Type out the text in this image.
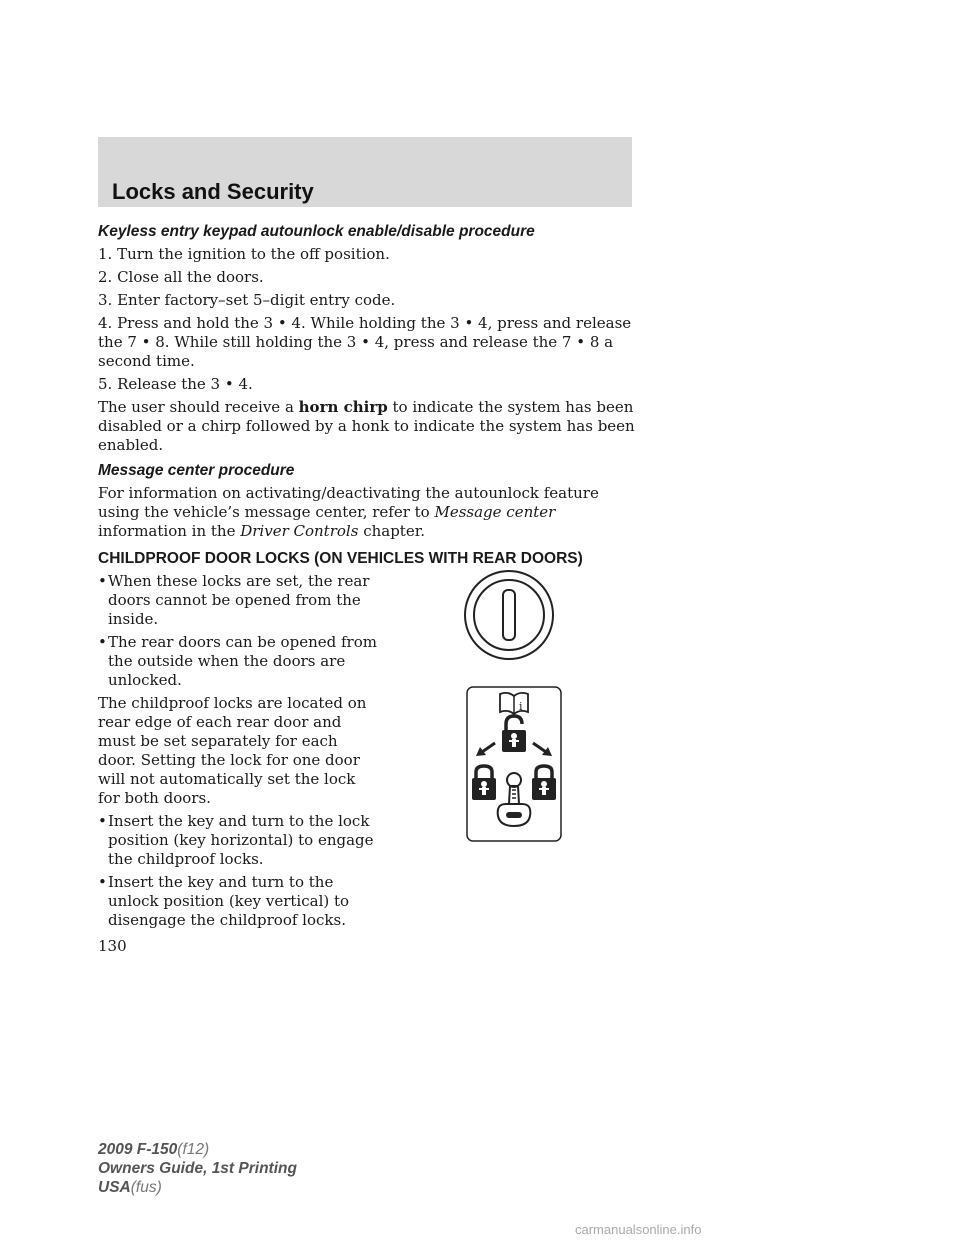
Locks and Security
Keyless entry keypad autounlock enable/disable procedure

1. Turn the ignition to the off position.

2. Close all the doors.

3. Enter factory–set 5–digit entry code.

4. Press and hold the 3 • 4. While holding the 3 • 4, press and release the 7 • 8. While still holding the 3 • 4, press and release the 7 • 8 a second time.

5. Release the 3 • 4.

The user should receive a horn chirp to indicate the system has been disabled or a chirp followed by a honk to indicate the system has been enabled.

Message center procedure

For information on activating/deactivating the autounlock feature using the vehicle’s message center, refer to Message center information in the Driver Controls chapter.

CHILDPROOF DOOR LOCKS (ON VEHICLES WITH REAR DOORS)
• When these locks are set, the rear doors cannot be opened from the inside.
• The rear doors can be opened from the outside when the doors are unlocked.

The childproof locks are located on rear edge of each rear door and must be set separately for each door. Setting the lock for one door will not automatically set the lock for both doors.

• Insert the key and turn to the lock position (key horizontal) to engage the childproof locks.
• Insert the key and turn to the unlock position (key vertical) to disengage the childproof locks.
i
130
2009 F-150(f12)
Owners Guide, 1st Printing
USA(fus)
carmanualsonline.info
